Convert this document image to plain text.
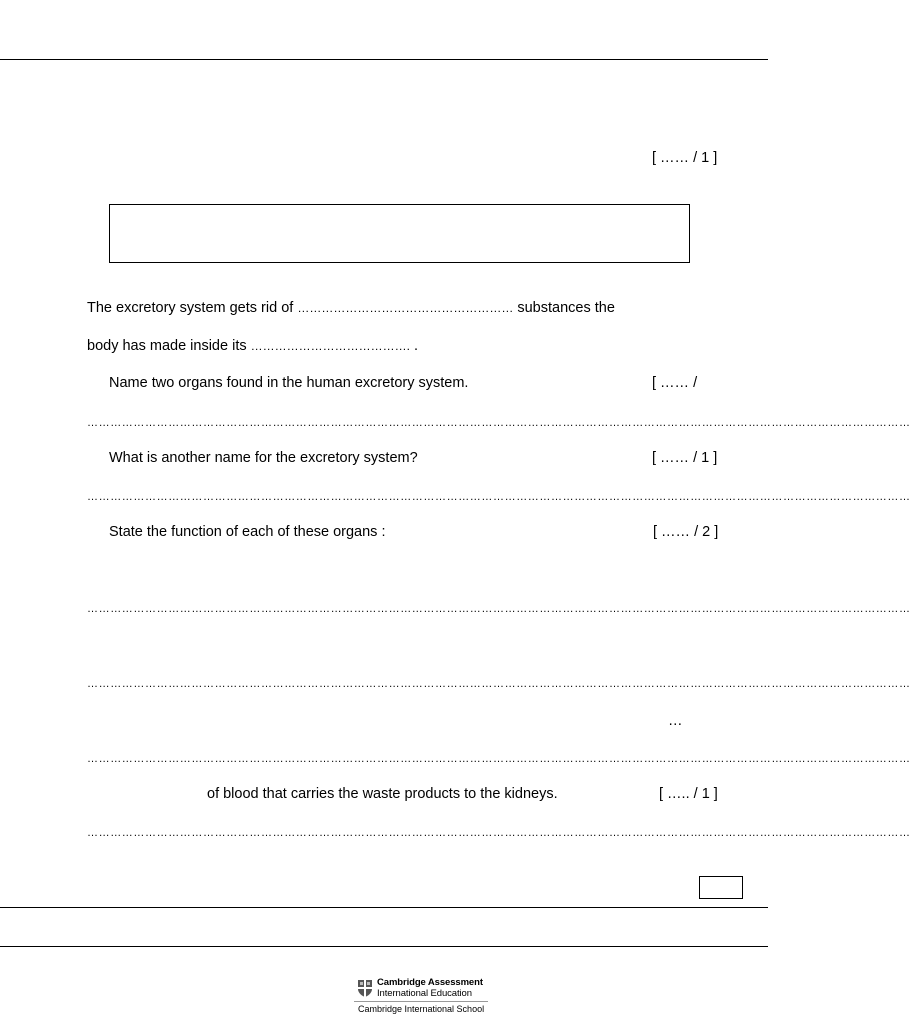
[ …… / 1 ]
The excretory system gets rid of ……………………………………………… substances the
body has made inside its …………………………………. .
Name two organs found in the human excretory system.	[ …… /
……………………………………………………………………………………………………………………………………………………………………………………………
What is another name for the excretory system?	[ …… / 1 ]
……………………………………………………………………………………………………………………………………………………………………………………………
State the function of each of these organs :	[ …… / 2 ]
……………………………………………………………………………………………………………………………………………………………………………………………
……………………………………………………………………………………………………………………………………………………………………………………………
…
……………………………………………………………………………………………………………………………………………………………………………………………
of blood that carries the waste products to the kidneys.	[ ….. / 1 ]
……………………………………………………………………………………………………………………………………………………………………………………………
Cambridge Assessment
International Education
Cambridge International School
